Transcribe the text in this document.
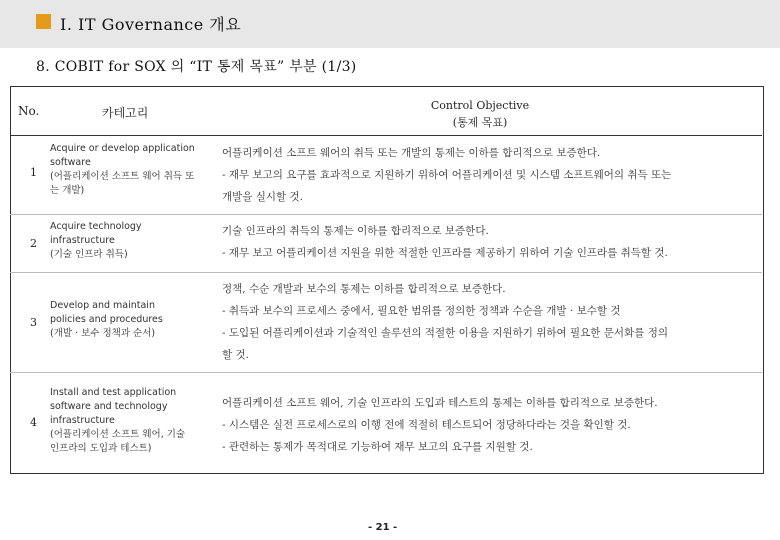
Ⅰ. IT Governance 개요
8. COBIT for SOX 의 “IT 통제 목표” 부분 (1/3)
No.	카테고리
Control Objective
(통제 목표)
1
Acquire or develop application
software
(어플리케이션 소프트 웨어 취득 또
는 개발)

어플리케이션 소프트 웨어의 취득 또는 개발의 통제는 이하를 합리적으로 보증한다.

- 재무 보고의 요구를 효과적으로 지원하기 위하여 어플리케이션 및 시스템 소프트웨어의 취득 또는

개발을 실시할 것.

2
Acquire technology
infrastructure
(기술 인프라 취득)

기술 인프라의 취득의 통제는 이하를 합리적으로 보증한다.

- 재무 보고 어플리케이션 지원을 위한 적절한 인프라를 제공하기 위하여 기술 인프라를 취득할 것.

3
Develop and maintain
policies and procedures
(개발 · 보수 정책과 순서)

정책, 수순 개발과 보수의 통제는 이하를 합리적으로 보증한다.

- 취득과 보수의 프로세스 중에서, 필요한 범위를 정의한 정책과 수순을 개발 · 보수할 것

- 도입된 어플리케이션과 기술적인 솔루션의 적절한 이용을 지원하기 위하여 필요한 문서화를 정의

할 것.

4
Install and test application
software and technology
infrastructure
(어플리케이션 소프트 웨어, 기술
인프라의 도입과 테스트)

어플리케이션 소프트 웨어, 기술 인프라의 도입과 테스트의 통제는 이하를 합리적으로 보증한다.

- 시스템은 실전 프로세스로의 이행 전에 적절히 테스트되어 정당하다라는 것을 확인할 것.

- 관련하는 통제가 목적대로 기능하여 재무 보고의 요구를 지원할 것.

- 21 -
